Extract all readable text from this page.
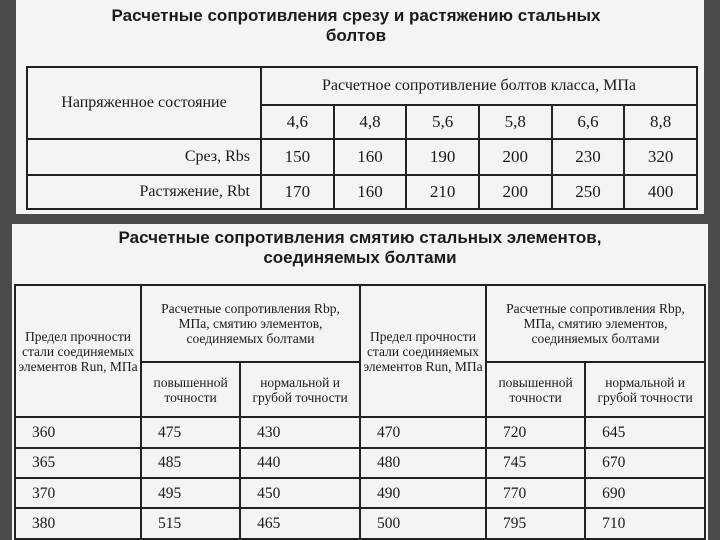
Расчетные сопротивления срезу и растяжению стальных
болтов
Напряженное состояние	Расчетное сопротивление болтов класса, МПа					
	4,6	4,8	5,6	5,8	6,6	8,8
Срез, Rbs	150	160	190	200	230	320
Растяжение, Rbt	170	160	210	200	250	400
Расчетные сопротивления смятию стальных элементов,
соединяемых болтами
Предел прочности стали соединяемых элементов Run, МПа	Расчетные сопротивления Rbp, МПа, смятию элементов, соединяемых болтами		Предел прочности стали соединяемых элементов Run, МПа	Расчетные сопротивления Rbp, МПа, смятию элементов, соединяемых болтами	
	повышенной точности	нормальной и грубой точности		повышенной точности	нормальной и грубой точности
360	475	430	470	720	645
365	485	440	480	745	670
370	495	450	490	770	690
380	515	465	500	795	710
